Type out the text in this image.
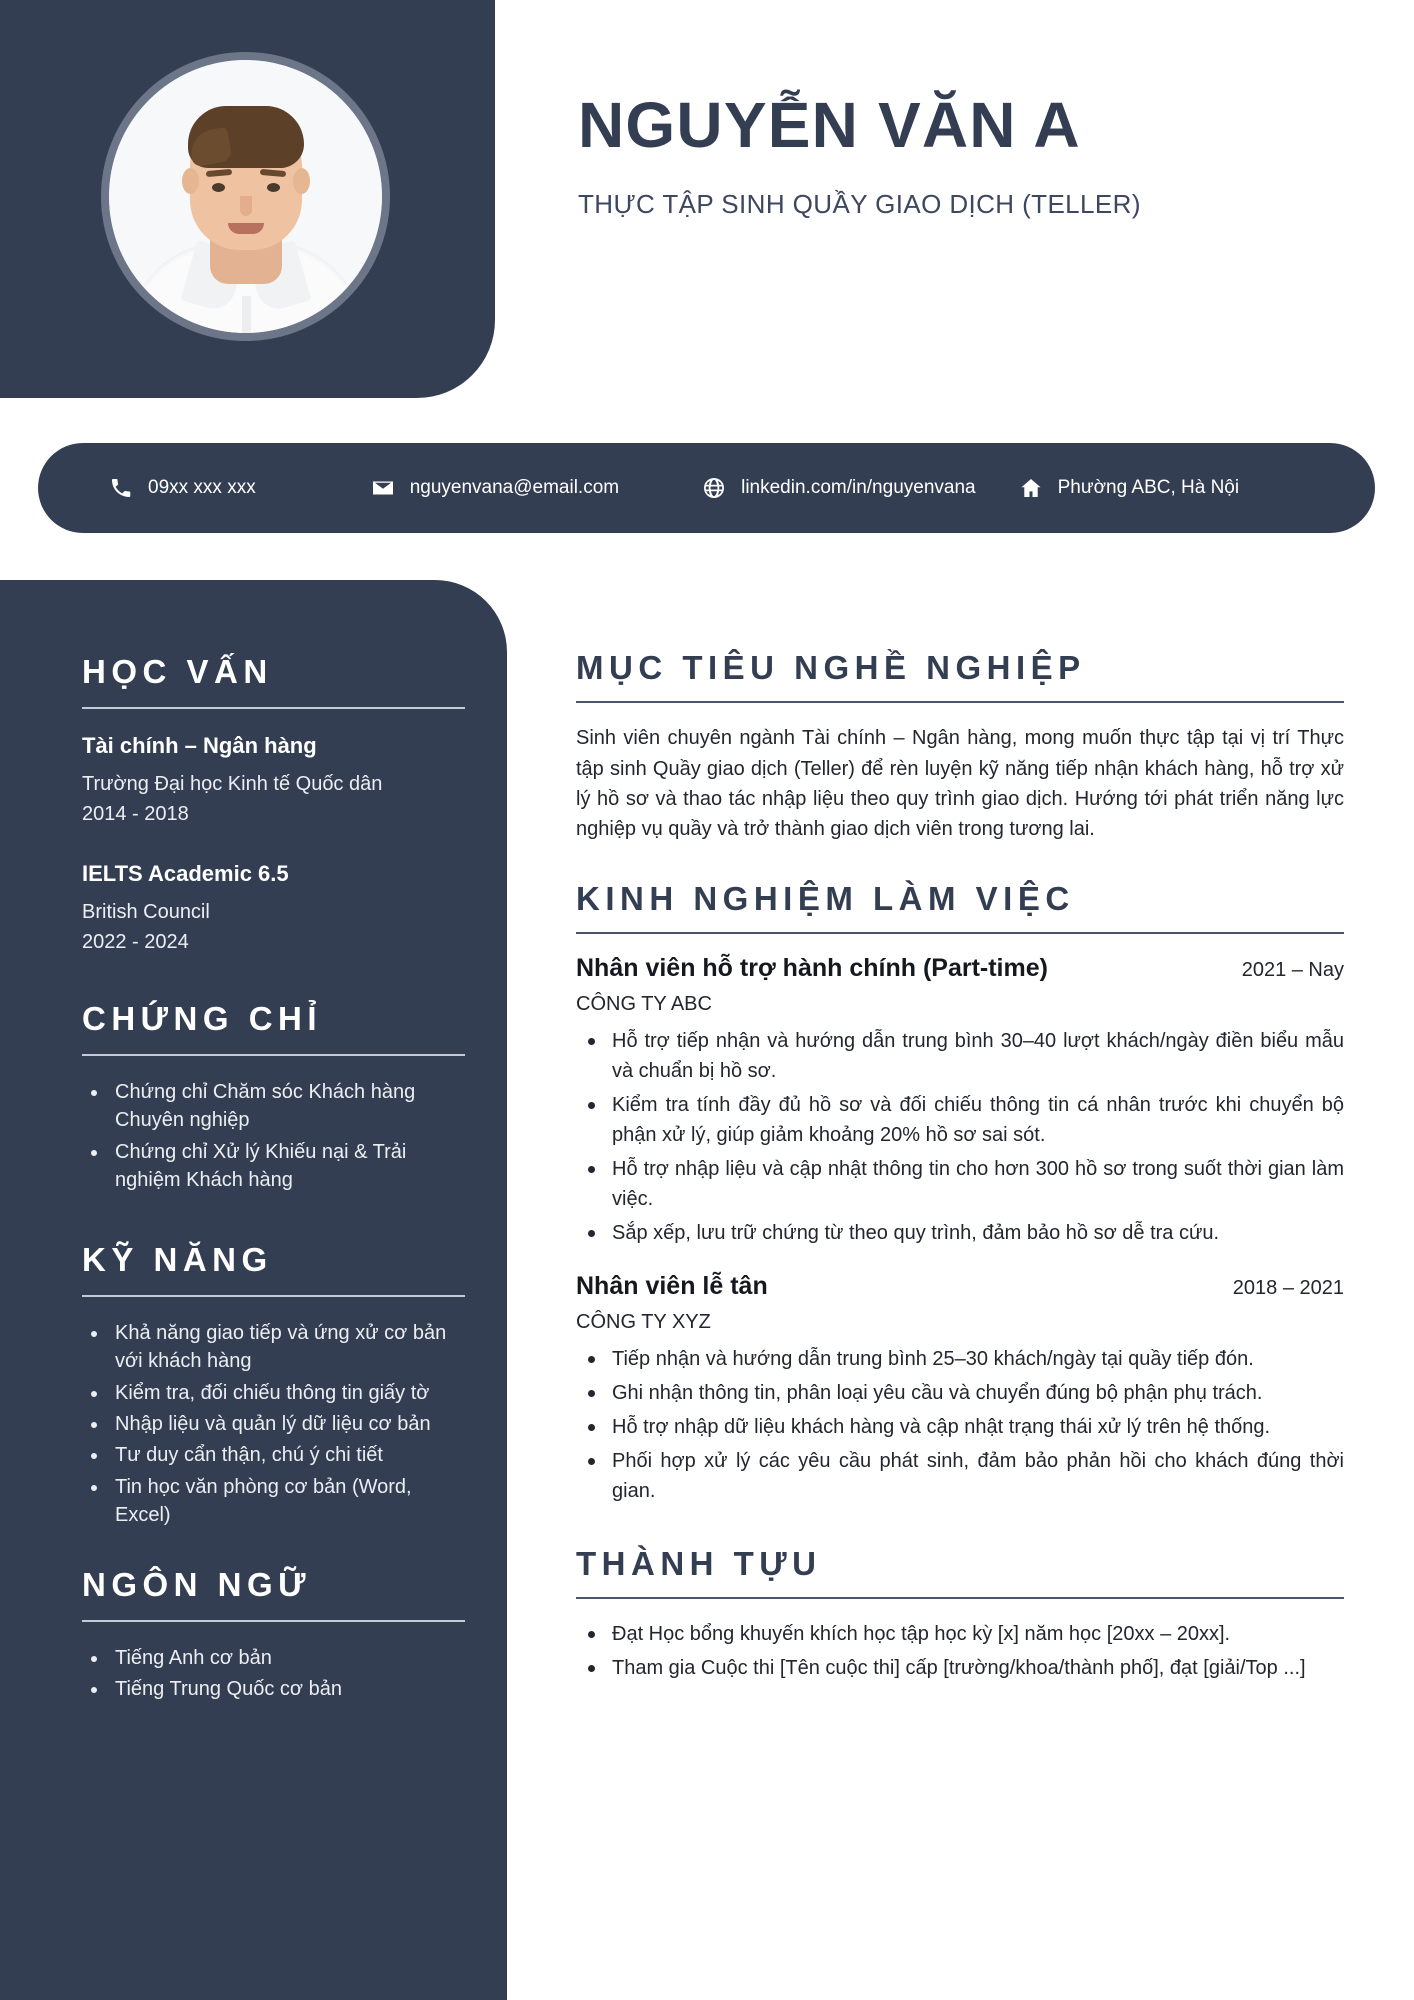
NGUYỄN VĂN A
THỰC TẬP SINH QUẦY GIAO DỊCH (TELLER)
09xx xxx xxx	nguyenvana@email.com	linkedin.com/in/nguyenvana	Phường ABC, Hà Nội
HỌC VẤN
Tài chính – Ngân hàng
Trường Đại học Kinh tế Quốc dân
2014 - 2018
IELTS Academic 6.5
British Council
2022 - 2024
CHỨNG CHỈ
Chứng chỉ Chăm sóc Khách hàng Chuyên nghiệp
Chứng chỉ Xử lý Khiếu nại & Trải nghiệm Khách hàng
KỸ NĂNG
Khả năng giao tiếp và ứng xử cơ bản với khách hàng
Kiểm tra, đối chiếu thông tin giấy tờ
Nhập liệu và quản lý dữ liệu cơ bản
Tư duy cẩn thận, chú ý chi tiết
Tin học văn phòng cơ bản (Word, Excel)
NGÔN NGỮ
Tiếng Anh cơ bản
Tiếng Trung Quốc cơ bản
MỤC TIÊU NGHỀ NGHIỆP
Sinh viên chuyên ngành Tài chính – Ngân hàng, mong muốn thực tập tại vị trí Thực tập sinh Quầy giao dịch (Teller) để rèn luyện kỹ năng tiếp nhận khách hàng, hỗ trợ xử lý hồ sơ và thao tác nhập liệu theo quy trình giao dịch. Hướng tới phát triển năng lực nghiệp vụ quầy và trở thành giao dịch viên trong tương lai.
KINH NGHIỆM LÀM VIỆC
Nhân viên hỗ trợ hành chính (Part-time)	2021 – Nay
CÔNG TY ABC
Hỗ trợ tiếp nhận và hướng dẫn trung bình 30–40 lượt khách/ngày điền biểu mẫu và chuẩn bị hồ sơ.
Kiểm tra tính đầy đủ hồ sơ và đối chiếu thông tin cá nhân trước khi chuyển bộ phận xử lý, giúp giảm khoảng 20% hồ sơ sai sót.
Hỗ trợ nhập liệu và cập nhật thông tin cho hơn 300 hồ sơ trong suốt thời gian làm việc.
Sắp xếp, lưu trữ chứng từ theo quy trình, đảm bảo hồ sơ dễ tra cứu.
Nhân viên lễ tân	2018 – 2021
CÔNG TY XYZ
Tiếp nhận và hướng dẫn trung bình 25–30 khách/ngày tại quầy tiếp đón.
Ghi nhận thông tin, phân loại yêu cầu và chuyển đúng bộ phận phụ trách.
Hỗ trợ nhập dữ liệu khách hàng và cập nhật trạng thái xử lý trên hệ thống.
Phối hợp xử lý các yêu cầu phát sinh, đảm bảo phản hồi cho khách đúng thời gian.
THÀNH TỰU
Đạt Học bổng khuyến khích học tập học kỳ [x] năm học [20xx – 20xx].
Tham gia Cuộc thi [Tên cuộc thi] cấp [trường/khoa/thành phố], đạt [giải/Top ...]
